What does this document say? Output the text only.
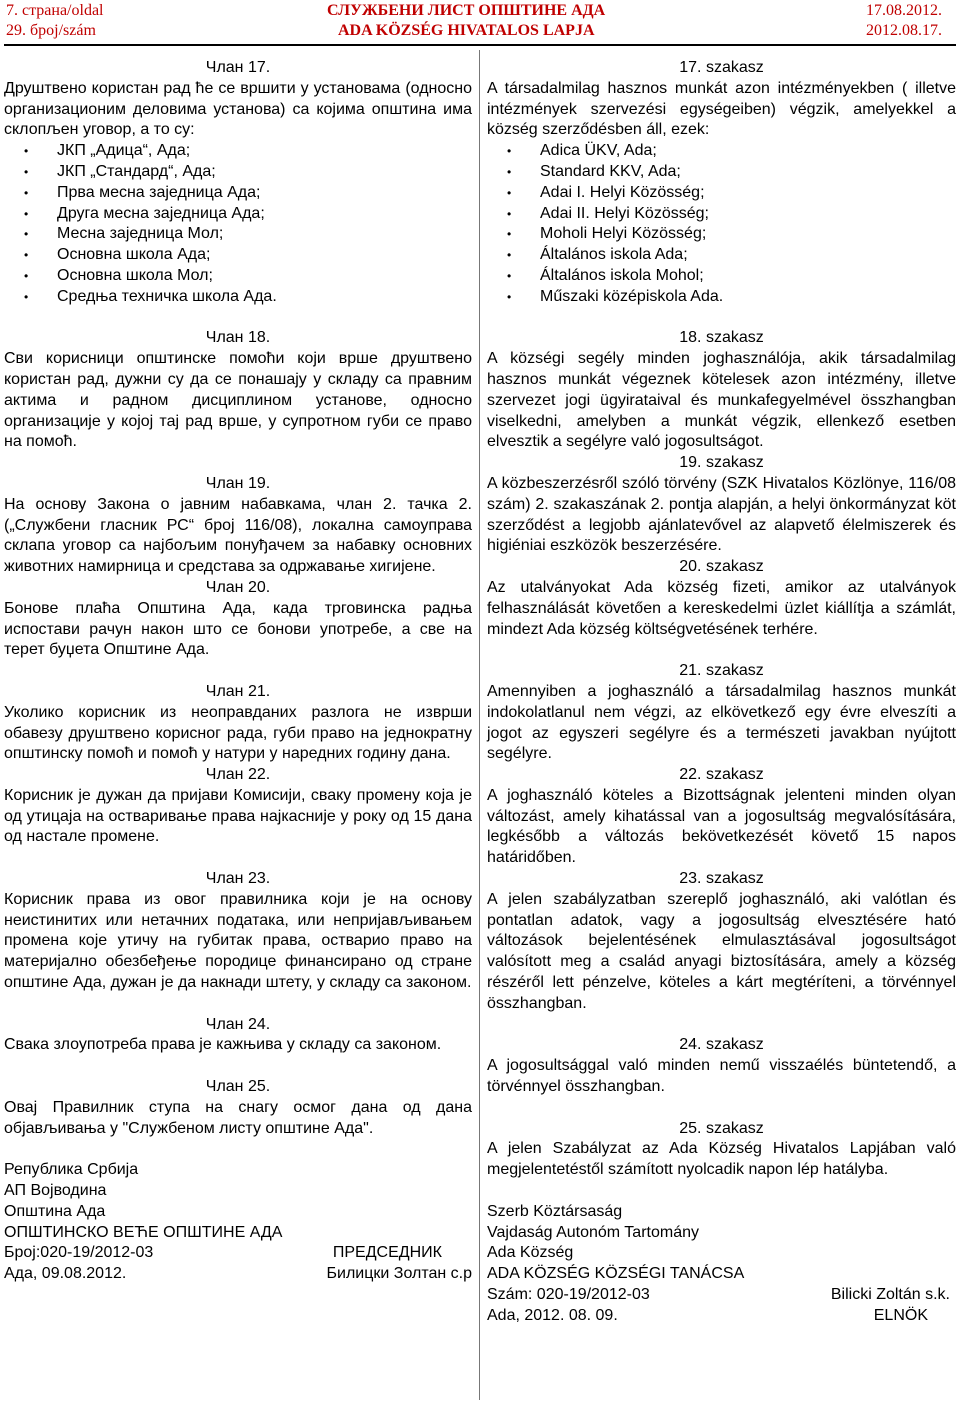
7. страна/oldal
29. број/szám
СЛУЖБЕНИ ЛИСТ ОПШТИНЕ АДА
ADA KÖZSÉG HIVATALOS LAPJA
17.08.2012.
2012.08.17.
Члан 17.
Друштвено користан рад ће се вршити у установама (односно организационим деловима установа) са којима општина има склопљен уговор, а то су:
• ЈКП „Адица“, Ада;
• ЈКП „Стандард“, Ада;
• Прва месна заједница Ада;
• Друга месна заједница Ада;
• Месна заједница Мол;
• Основна школа Ада;
• Основна школа Мол;
• Средња техничка школа Ада.
Члан 18.
Сви корисници општинске помоћи који врше друштвено користан рад, дужни су да се понашају у складу са правним актима и радном дисциплином установе, односно организације у којој тај рад врше, у супротном губи се право на помоћ.
Члан 19.
На основу Закона о јавним набавкама, члан 2. тачка 2. („Службени гласник РС“ број 116/08), локална самоуправа склапа уговор са најбољим понуђачем за набавку основних животних намирница и средстава за одржавање хигијене.
Члан 20.
Бонове плаћа Општина Ада, када трговинска радња испостави рачун након што се бонови употребе, а све на терет буџета Општине Ада.
Члан 21.
Уколико корисник из неоправданих разлога не изврши обавезу друштвено корисног рада, губи право на једнократну општинску помоћ и помоћ у натури у наредних годину дана.
Члан 22.
Корисник је дужан да пријави Комисији, сваку промену која је од утицаја на остваривање права најкасније у року од 15 дана од настале промене.
Члан 23.
Корисник права из овог правилника који је на основу неистинитих или нетачних података, или непријављивањем промена које утичу на губитак права, остварио право на материјално обезбеђење породице финансирано од стране општине Ада, дужан је да накнади штету, у складу са законом.
Члан 24.
Свака злоупотреба права је кажњива у складу са законом.
Члан 25.
Овај Правилник ступа на снагу осмог дана од дана објављивања у "Службеном листу општине Ада".
Република Србија
АП Војводина
Општина Ада
ОПШТИНСКО ВЕЋЕ ОПШТИНЕ АДА
Број:020-19/2012-03	ПРЕДСЕДНИК
Ада, 09.08.2012.	Билицки Золтан с.р
17. szakasz
A társadalmilag hasznos munkát azon intézményekben ( illetve intézmények szervezési egységeiben) végzik, amelyekkel a község szerződésben áll, ezek:
• Adica ÜKV, Ada;
• Standard KKV, Ada;
• Adai I. Helyi Közösség;
• Adai II. Helyi Közösség;
• Moholi Helyi Közösség;
• Általános iskola Ada;
• Általános iskola Mohol;
• Műszaki középiskola Ada.
18. szakasz
A községi segély minden joghasználója, akik társadalmilag hasznos munkát végeznek kötelesek azon intézmény, illetve szervezet jogi ügyirataival és munkafegyelmével összhangban viselkedni, amelyben a munkát végzik, ellenkező esetben elvesztik a segélyre való jogosultságot.
19. szakasz
A közbeszerzésről szóló törvény (SZK Hivatalos Közlönye, 116/08 szám) 2. szakaszának 2. pontja alapján, a helyi önkormányzat köt szerződést a legjobb ajánlatevővel az alapvető élelmiszerek és higiéniai eszközök beszerzésére.
20. szakasz
Az utalványokat Ada község fizeti, amikor az utalványok felhasználását követően a kereskedelmi üzlet kiállítja a számlát, mindezt Ada község költségvetésének terhére.
21. szakasz
Amennyiben a joghasználó a társadalmilag hasznos munkát indokolatlanul nem végzi, az elkövetkező egy évre elveszíti a jogot az egyszeri segélyre és a természeti javakban nyújtott segélyre.
22. szakasz
A joghasználó köteles a Bizottságnak jelenteni minden olyan változást, amely kihatással van a jogosultság megvalósítására, legkésőbb a változás bekövetkezését követő 15 napos határidőben.
23. szakasz
A jelen szabályzatban szereplő joghasználó, aki valótlan és pontatlan adatok, vagy a jogosultság elvesztésére ható változások bejelentésének elmulasztásával jogosultságot valósított meg a család anyagi biztosítására, amely a község részéről lett pénzelve, köteles a kárt megtéríteni, a törvénnyel összhangban.
24. szakasz
A jogosultsággal való minden nemű visszaélés büntetendő, a törvénnyel összhangban.
25. szakasz
A jelen Szabályzat az Ada Község Hivatalos Lapjában való megjelentetéstől számított nyolcadik napon lép hatályba.
Szerb Köztársaság
Vajdaság Autonóm Tartomány
Ada Község
ADA KÖZSÉG KÖZSÉGI TANÁCSA
Szám: 020-19/2012-03	Bilicki Zoltán s.k.
Ada, 2012. 08. 09.	ELNÖK
